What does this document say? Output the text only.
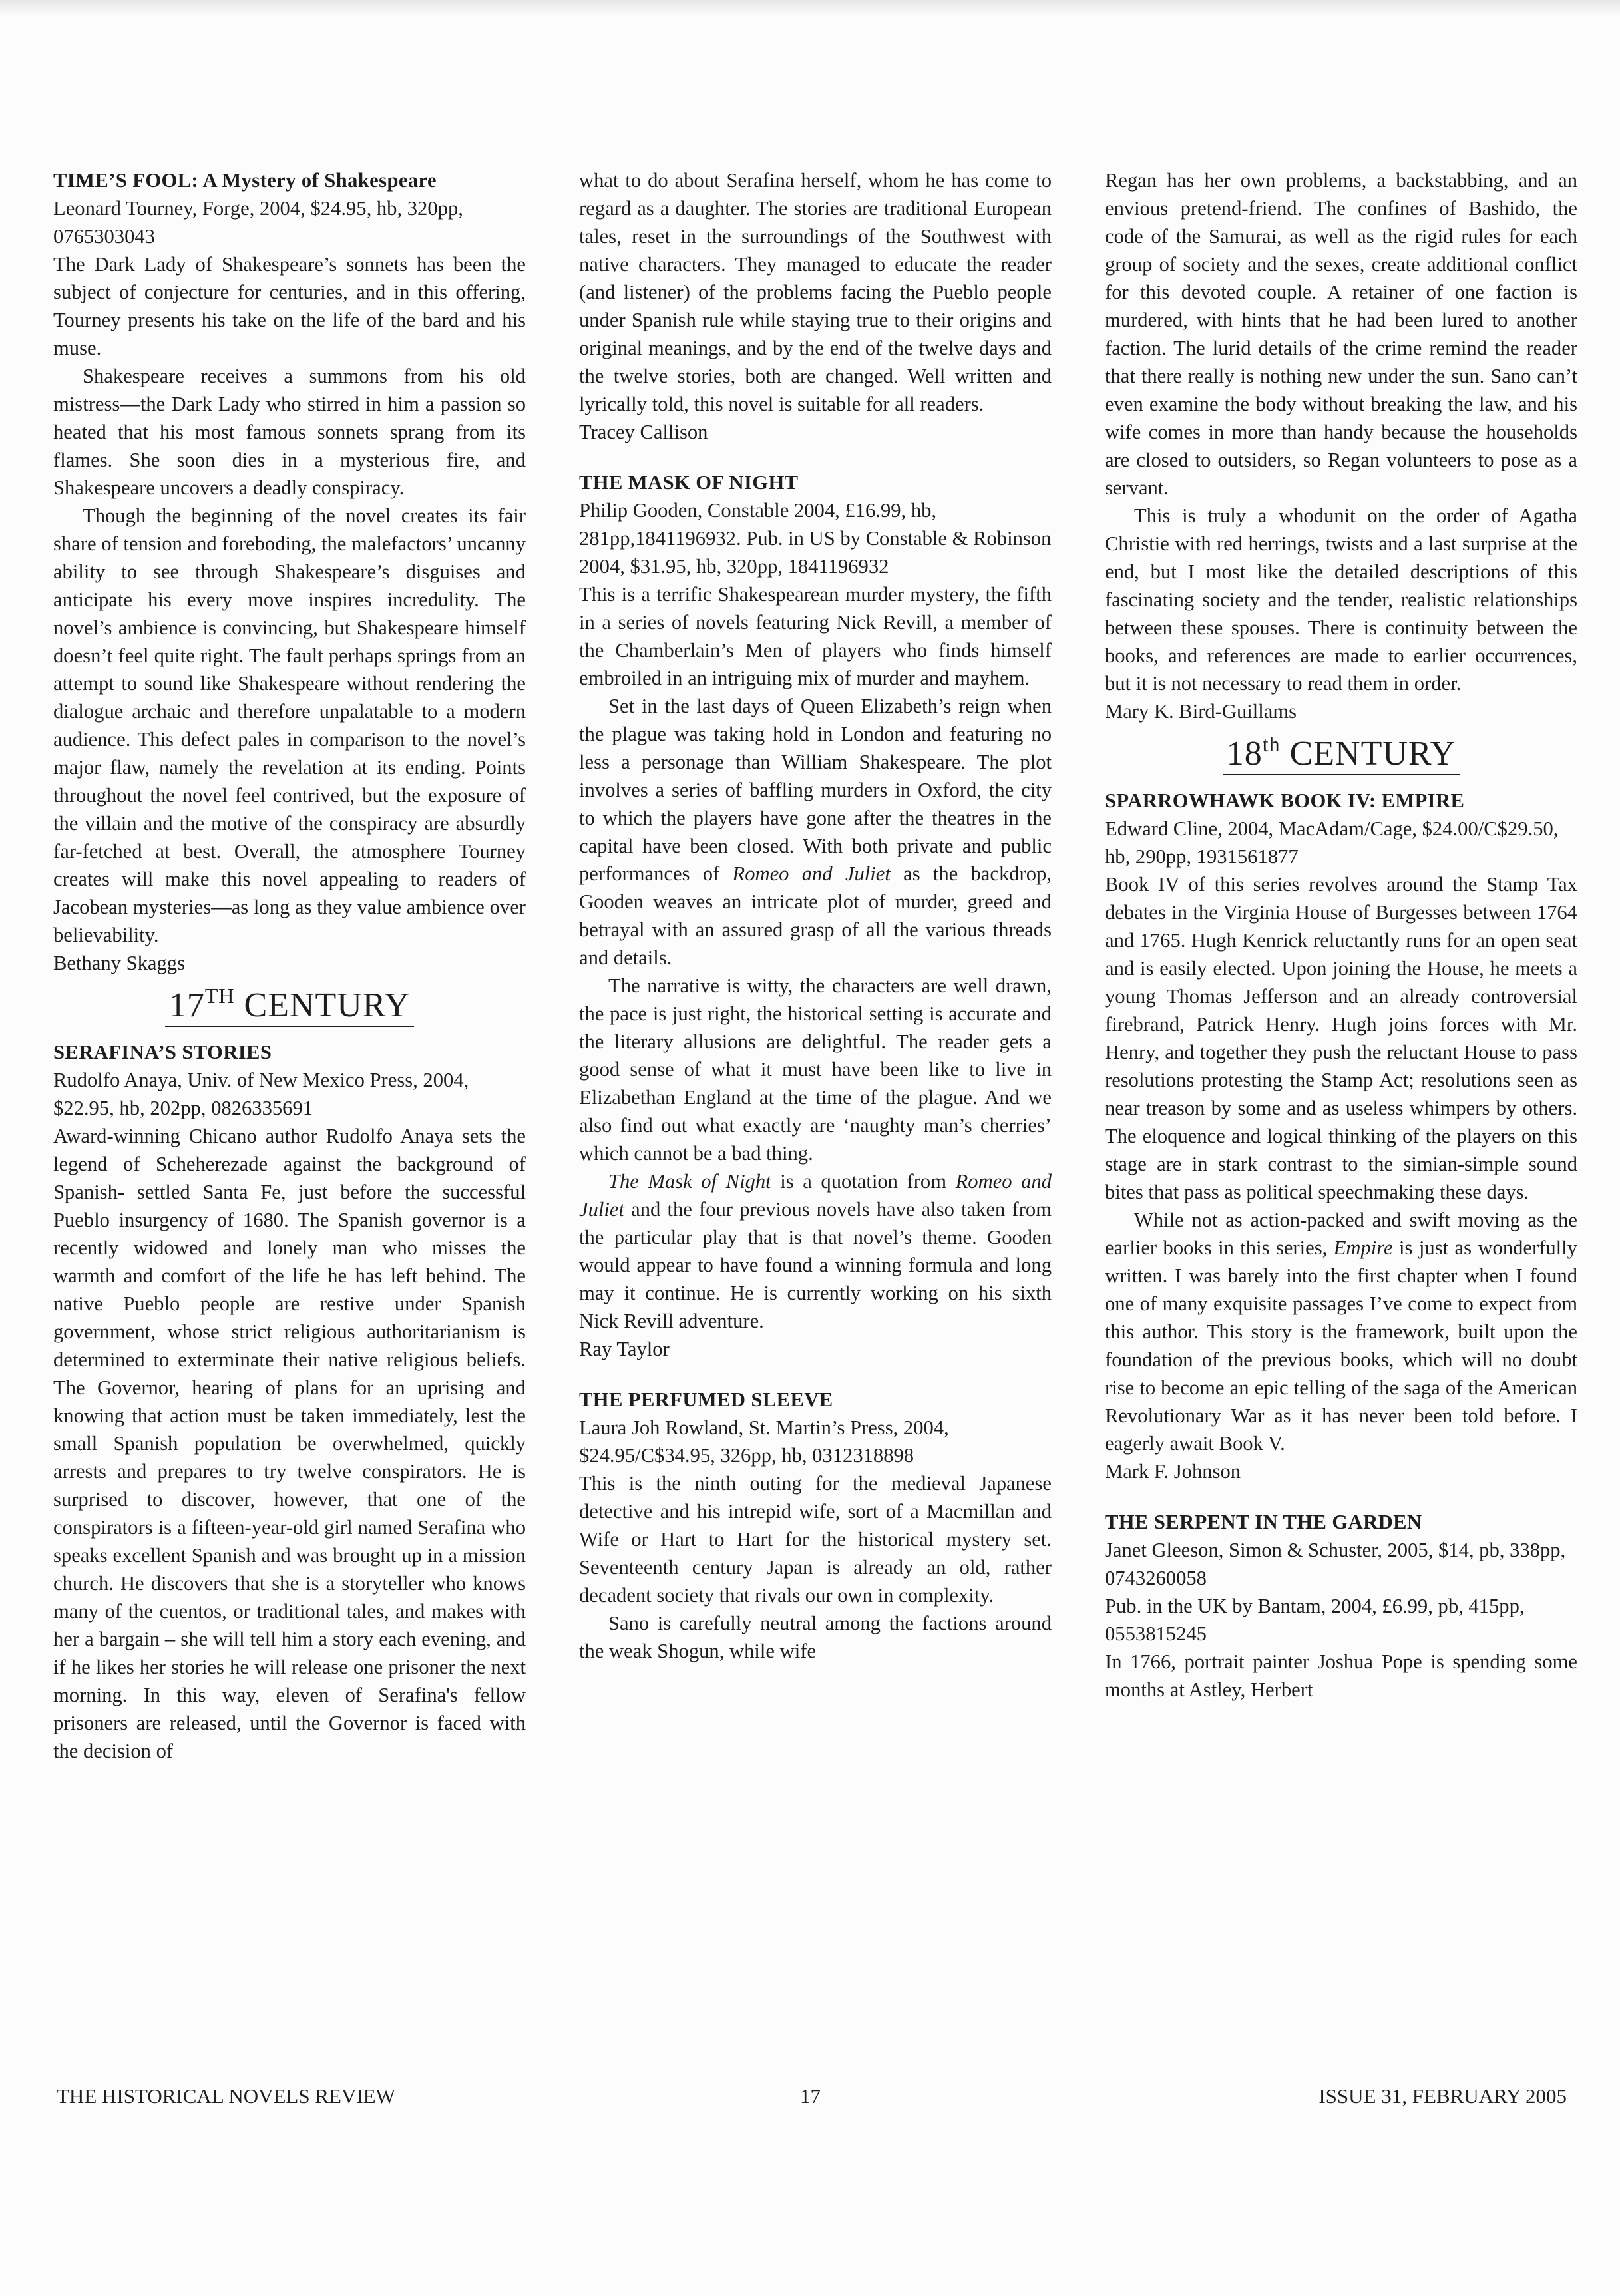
TIME’S FOOL: A Mystery of Shakespeare

Leonard Tourney, Forge, 2004, $24.95, hb, 320pp, 0765303043

The Dark Lady of Shakespeare’s sonnets has been the subject of conjecture for centuries, and in this offering, Tourney presents his take on the life of the bard and his muse.

Shakespeare receives a summons from his old mistress—the Dark Lady who stirred in him a passion so heated that his most famous sonnets sprang from its flames. She soon dies in a mysterious fire, and Shakespeare uncovers a deadly conspiracy.

Though the beginning of the novel creates its fair share of tension and foreboding, the malefactors’ uncanny ability to see through Shakespeare’s disguises and anticipate his every move inspires incredulity. The novel’s ambience is convincing, but Shakespeare himself doesn’t feel quite right. The fault perhaps springs from an attempt to sound like Shakespeare without rendering the dialogue archaic and therefore unpalatable to a modern audience. This defect pales in comparison to the novel’s major flaw, namely the revelation at its ending. Points throughout the novel feel contrived, but the exposure of the villain and the motive of the conspiracy are absurdly far-fetched at best. Overall, the atmosphere Tourney creates will make this novel appealing to readers of Jacobean mysteries—as long as they value ambience over believability.

Bethany Skaggs

17TH CENTURY

SERAFINA’S STORIES

Rudolfo Anaya, Univ. of New Mexico Press, 2004, $22.95, hb, 202pp, 0826335691

Award-winning Chicano author Rudolfo Anaya sets the legend of Scheherezade against the background of Spanish- settled Santa Fe, just before the successful Pueblo insurgency of 1680. The Spanish governor is a recently widowed and lonely man who misses the warmth and comfort of the life he has left behind. The native Pueblo people are restive under Spanish government, whose strict religious authoritarianism is determined to exterminate their native religious beliefs. The Governor, hearing of plans for an uprising and knowing that action must be taken immediately, lest the small Spanish population be overwhelmed, quickly arrests and prepares to try twelve conspirators. He is surprised to discover, however, that one of the conspirators is a fifteen-year-old girl named Serafina who speaks excellent Spanish and was brought up in a mission church. He discovers that she is a storyteller who knows many of the cuentos, or traditional tales, and makes with her a bargain – she will tell him a story each evening, and if he likes her stories he will release one prisoner the next morning. In this way, eleven of Serafina's fellow prisoners are released, until the Governor is faced with the decision of

what to do about Serafina herself, whom he has come to regard as a daughter. The stories are traditional European tales, reset in the surroundings of the Southwest with native characters. They managed to educate the reader (and listener) of the problems facing the Pueblo people under Spanish rule while staying true to their origins and original meanings, and by the end of the twelve days and the twelve stories, both are changed. Well written and lyrically told, this novel is suitable for all readers.

Tracey Callison

THE MASK OF NIGHT

Philip Gooden, Constable 2004, £16.99, hb, 281pp,1841196932. Pub. in US by Constable & Robinson 2004, $31.95, hb, 320pp, 1841196932

This is a terrific Shakespearean murder mystery, the fifth in a series of novels featuring Nick Revill, a member of the Chamberlain’s Men of players who finds himself embroiled in an intriguing mix of murder and mayhem.

Set in the last days of Queen Elizabeth’s reign when the plague was taking hold in London and featuring no less a personage than William Shakespeare. The plot involves a series of baffling murders in Oxford, the city to which the players have gone after the theatres in the capital have been closed. With both private and public performances of Romeo and Juliet as the backdrop, Gooden weaves an intricate plot of murder, greed and betrayal with an assured grasp of all the various threads and details.

The narrative is witty, the characters are well drawn, the pace is just right, the historical setting is accurate and the literary allusions are delightful. The reader gets a good sense of what it must have been like to live in Elizabethan England at the time of the plague. And we also find out what exactly are ‘naughty man’s cherries’ which cannot be a bad thing.

The Mask of Night is a quotation from Romeo and Juliet and the four previous novels have also taken from the particular play that is that novel’s theme. Gooden would appear to have found a winning formula and long may it continue. He is currently working on his sixth Nick Revill adventure.

Ray Taylor

THE PERFUMED SLEEVE

Laura Joh Rowland, St. Martin’s Press, 2004, $24.95/C$34.95, 326pp, hb, 0312318898

This is the ninth outing for the medieval Japanese detective and his intrepid wife, sort of a Macmillan and Wife or Hart to Hart for the historical mystery set. Seventeenth century Japan is already an old, rather decadent society that rivals our own in complexity.

Sano is carefully neutral among the factions around the weak Shogun, while wife

Regan has her own problems, a backstabbing, and an envious pretend-friend. The confines of Bashido, the code of the Samurai, as well as the rigid rules for each group of society and the sexes, create additional conflict for this devoted couple. A retainer of one faction is murdered, with hints that he had been lured to another faction. The lurid details of the crime remind the reader that there really is nothing new under the sun. Sano can’t even examine the body without breaking the law, and his wife comes in more than handy because the households are closed to outsiders, so Regan volunteers to pose as a servant.

This is truly a whodunit on the order of Agatha Christie with red herrings, twists and a last surprise at the end, but I most like the detailed descriptions of this fascinating society and the tender, realistic relationships between these spouses. There is continuity between the books, and references are made to earlier occurrences, but it is not necessary to read them in order.

Mary K. Bird-Guillams

18th CENTURY

SPARROWHAWK BOOK IV: EMPIRE

Edward Cline, 2004, MacAdam/Cage, $24.00/C$29.50, hb, 290pp, 1931561877

Book IV of this series revolves around the Stamp Tax debates in the Virginia House of Burgesses between 1764 and 1765. Hugh Kenrick reluctantly runs for an open seat and is easily elected. Upon joining the House, he meets a young Thomas Jefferson and an already controversial firebrand, Patrick Henry. Hugh joins forces with Mr. Henry, and together they push the reluctant House to pass resolutions protesting the Stamp Act; resolutions seen as near treason by some and as useless whimpers by others. The eloquence and logical thinking of the players on this stage are in stark contrast to the simian-simple sound bites that pass as political speechmaking these days.

While not as action-packed and swift moving as the earlier books in this series, Empire is just as wonderfully written. I was barely into the first chapter when I found one of many exquisite passages I’ve come to expect from this author. This story is the framework, built upon the foundation of the previous books, which will no doubt rise to become an epic telling of the saga of the American Revolutionary War as it has never been told before. I eagerly await Book V.

Mark F. Johnson

THE SERPENT IN THE GARDEN

Janet Gleeson, Simon & Schuster, 2005, $14, pb, 338pp, 0743260058

Pub. in the UK by Bantam, 2004, £6.99, pb, 415pp, 0553815245

In 1766, portrait painter Joshua Pope is spending some months at Astley, Herbert

THE HISTORICAL NOVELS REVIEW	17	ISSUE 31, FEBRUARY 2005
